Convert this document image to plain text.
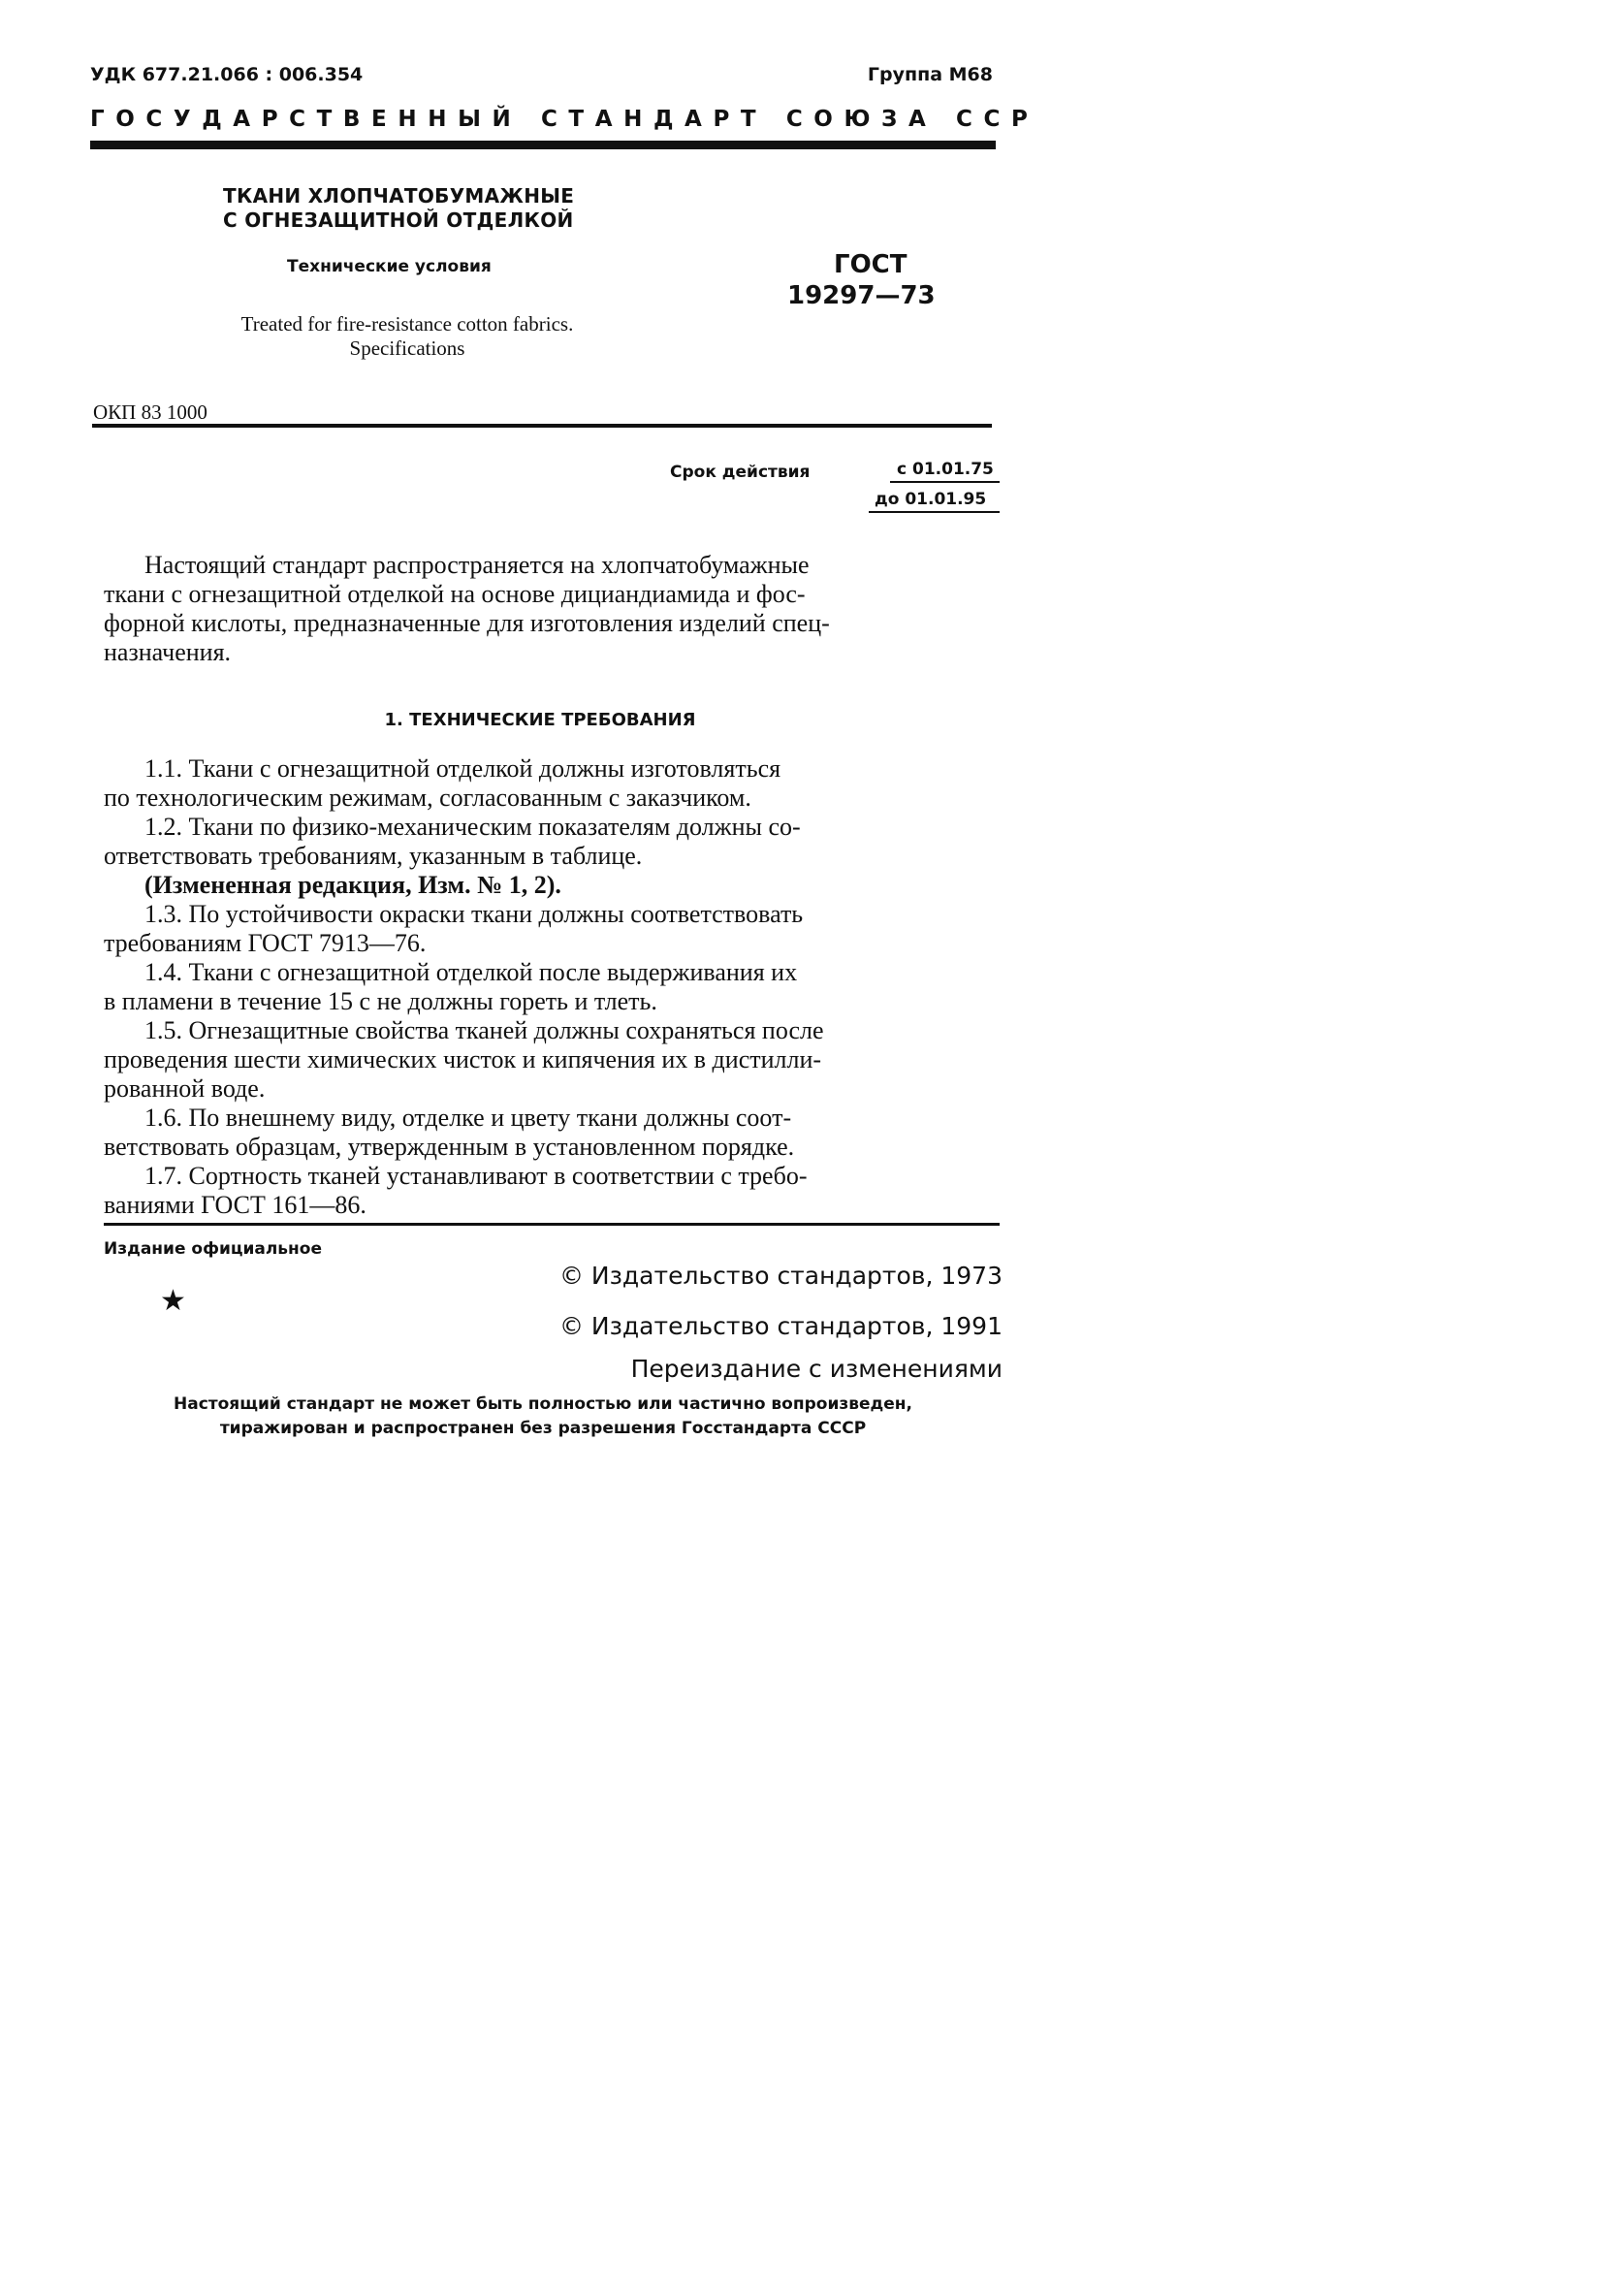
УДК 677.21.066 : 006.354	Группа М68
ГОСУДАРСТВЕННЫЙ СТАНДАРТ СОЮЗА ССР
ТКАНИ ХЛОПЧАТОБУМАЖНЫЕ
С ОГНЕЗАЩИТНОЙ ОТДЕЛКОЙ
Технические условия	ГОСТ
19297—73
Treated for fire-resistance cotton fabrics.
Specifications
ОКП 83 1000
Срок действия	с 01.01.75
до 01.01.95
Настоящий стандарт распространяется на хлопчатобумажные
ткани с огнезащитной отделкой на основе дициандиамида и фос-
форной кислоты, предназначенные для изготовления изделий спец-
назначения.
1. ТЕХНИЧЕСКИЕ ТРЕБОВАНИЯ
1.1. Ткани с огнезащитной отделкой должны изготовляться
по технологическим режимам, согласованным с заказчиком.
1.2. Ткани по физико-механическим показателям должны со-
ответствовать требованиям, указанным в таблице.
(Измененная редакция, Изм. № 1, 2).
1.3. По устойчивости окраски ткани должны соответствовать
требованиям ГОСТ 7913—76.
1.4. Ткани с огнезащитной отделкой после выдерживания их
в пламени в течение 15 с не должны гореть и тлеть.
1.5. Огнезащитные свойства тканей должны сохраняться после
проведения шести химических чисток и кипячения их в дистилли-
рованной воде.
1.6. По внешнему виду, отделке и цвету ткани должны соот-
ветствовать образцам, утвержденным в установленном порядке.
1.7. Сортность тканей устанавливают в соответствии с требо-
ваниями ГОСТ 161—86.
Издание официальное
★
© Издательство стандартов, 1973
© Издательство стандартов, 1991
Переиздание с изменениями
Настоящий стандарт не может быть полностью или частично вопроизведен,
тиражирован и распространен без разрешения Госстандарта СССР
